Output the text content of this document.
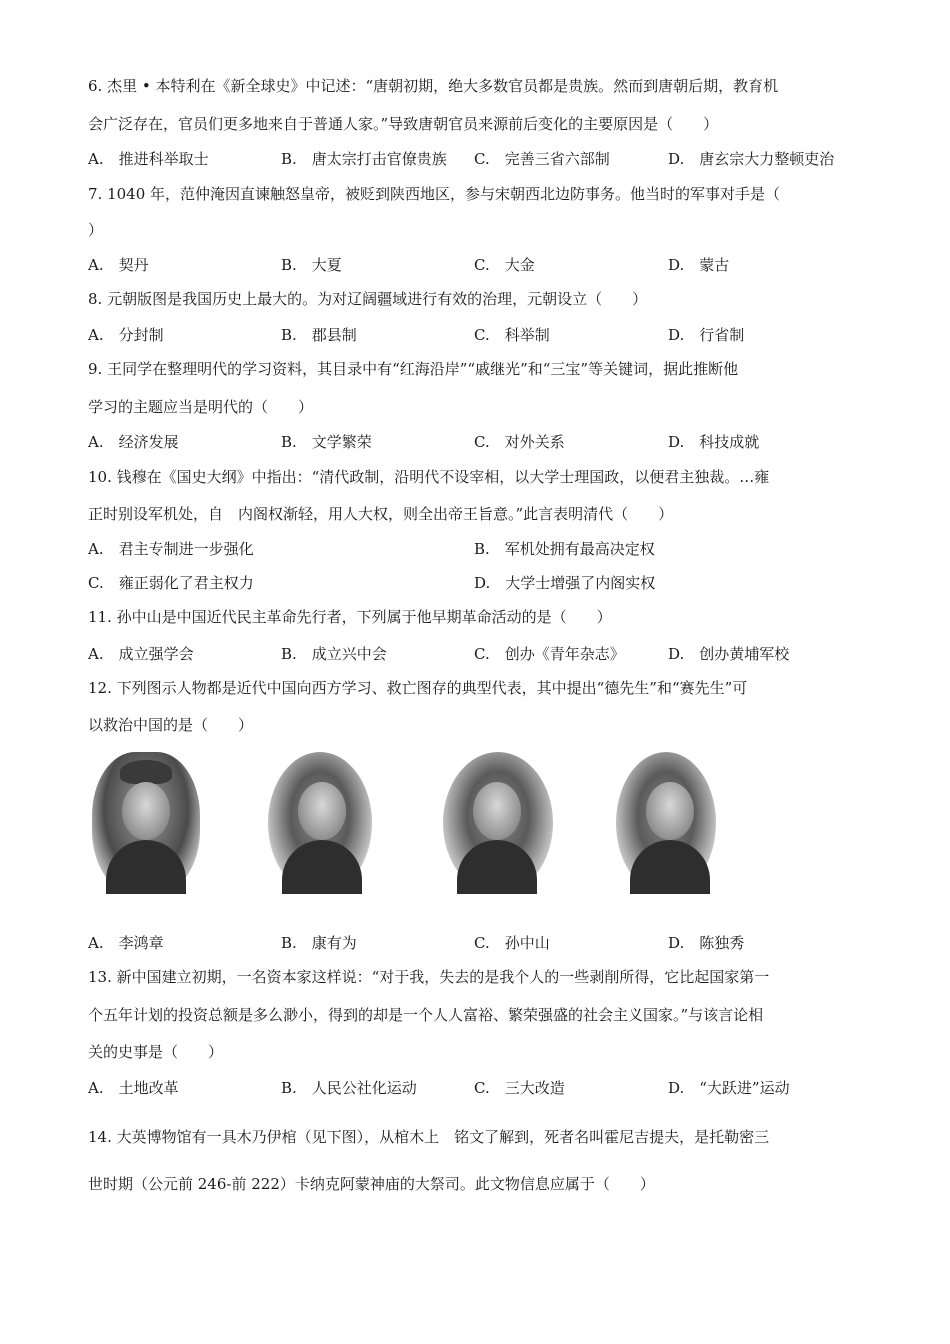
6. 杰里 • 本特利在《新全球史》中记述：“唐朝初期，绝大多数官员都是贵族。然而到唐朝后期，教育机
会广泛存在，官员们更多地来自于普通人家。”导致唐朝官员来源前后变化的主要原因是（　　）
A.　推进科举取士	B.　唐太宗打击官僚贵族 C.　完善三省六部制	D.　唐玄宗大力整顿吏治
7. 1040 年，范仲淹因直谏触怒皇帝，被贬到陕西地区，参与宋朝西北边防事务。他当时的军事对手是（
）
A.　契丹	B.　大夏	C.　大金	D.　蒙古
8. 元朝版图是我国历史上最大的。为对辽阔疆域进行有效的治理，元朝设立（　　）
A.　分封制	B.　郡县制	C.　科举制	D.　行省制
9. 王同学在整理明代的学习资料，其目录中有“红海沿岸”“戚继光”和“三宝”等关键词，据此推断他
学习的主题应当是明代的（　　）
A.　经济发展	B.　文学繁荣	C.　对外关系	D.　科技成就
10. 钱穆在《国史大纲》中指出：“清代政制，沿明代不设宰相，以大学士理国政，以便君主独裁。…雍
正时别设军机处，自　内阁权渐轻，用人大权，则全出帝王旨意。”此言表明清代（　　）
A.　君主专制进一步强化	B.　军机处拥有最高决定权
C.　雍正弱化了君主权力	D.　大学士增强了内阁实权
11. 孙中山是中国近代民主革命先行者，下列属于他早期革命活动的是（　　）
A.　成立强学会	B.　成立兴中会	C.　创办《青年杂志》	D.　创办黄埔军校
12. 下列图示人物都是近代中国向西方学习、救亡图存的典型代表，其中提出“德先生”和“赛先生”可
以救治中国的是（　　）
A.　李鸿章	B.　康有为	C.　孙中山	D.　陈独秀
13. 新中国建立初期，一名资本家这样说：“对于我，失去的是我个人的一些剥削所得，它比起国家第一
个五年计划的投资总额是多么渺小，得到的却是一个人人富裕、繁荣强盛的社会主义国家。”与该言论相
关的史事是（　　）
A.　土地改革	B.　人民公社化运动	C.　三大改造	D.　“大跃进”运动
14. 大英博物馆有一具木乃伊棺（见下图），从棺木上　铭文了解到，死者名叫霍尼吉提夫，是托勒密三
世时期（公元前 246-前 222）卡纳克阿蒙神庙的大祭司。此文物信息应属于（　　）
